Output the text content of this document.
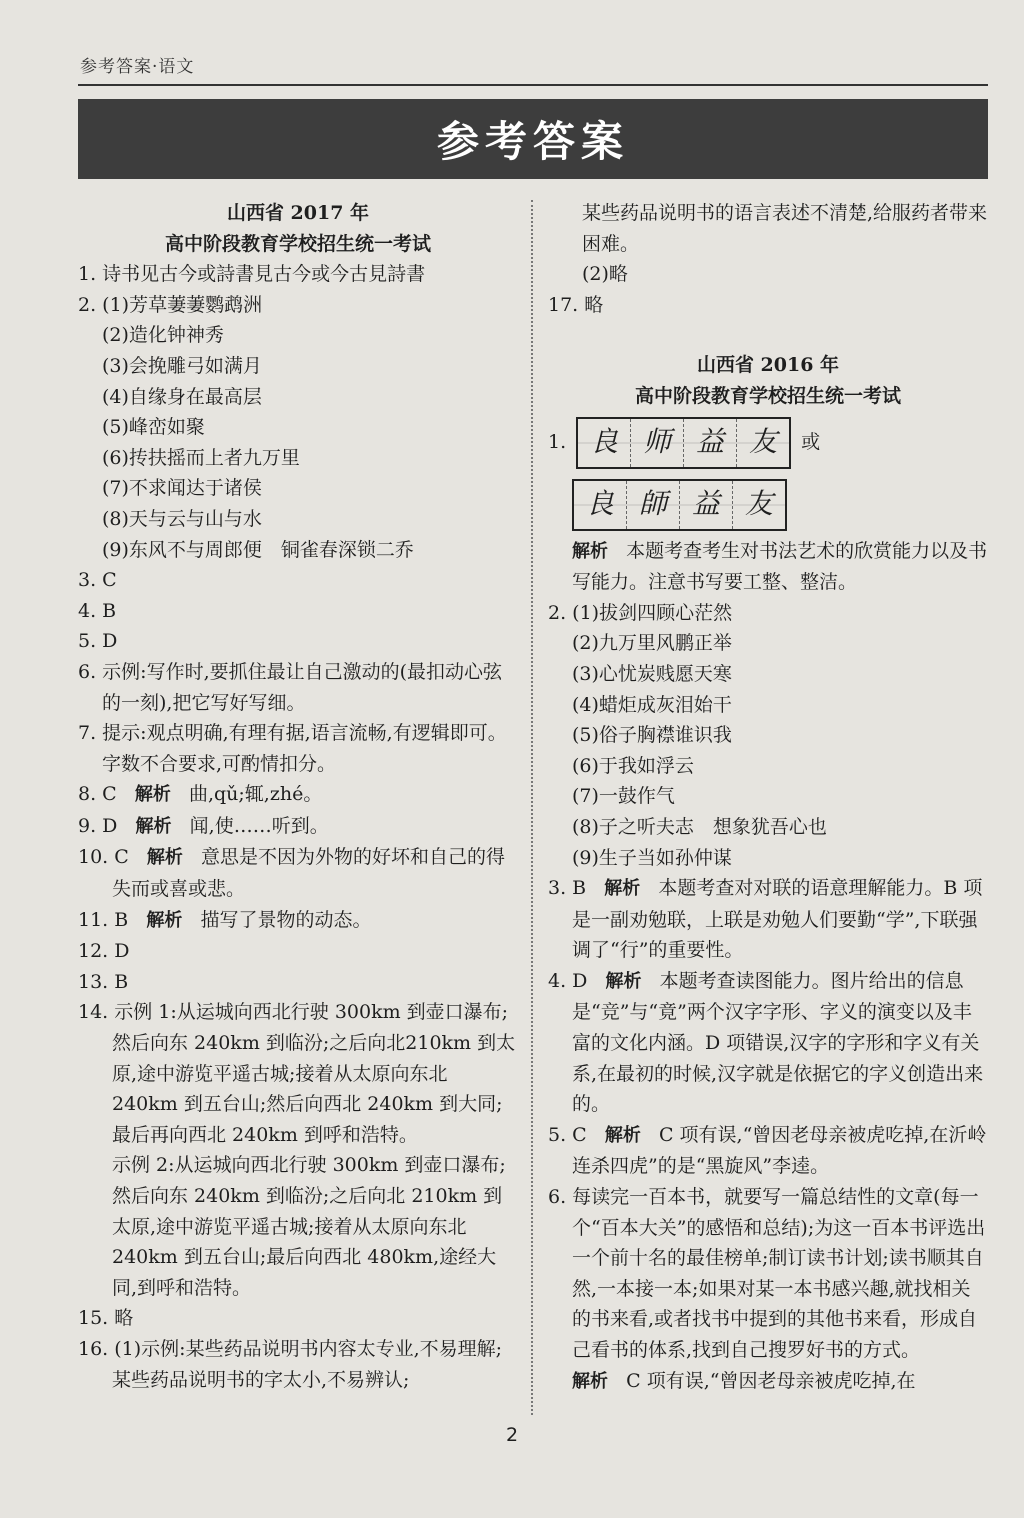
参考答案·语文
参考答案

山西省 2017 年

高中阶段教育学校招生统一考试

1. 诗书见古今或詩書見古今或今古見詩書

2. (1)芳草萋萋鹦鹉洲

(2)造化钟神秀

(3)会挽雕弓如满月

(4)自缘身在最高层

(5)峰峦如聚

(6)抟扶摇而上者九万里

(7)不求闻达于诸侯

(8)天与云与山与水

(9)东风不与周郎便　铜雀春深锁二乔

3. C

4. B

5. D

6. 示例:写作时,要抓住最让自己激动的(最扣动心弦的一刻),把它写好写细。

7. 提示:观点明确,有理有据,语言流畅,有逻辑即可。字数不合要求,可酌情扣分。

8. C 解析 曲,qǔ;辄,zhé。

9. D 解析 闻,使……听到。

10. C 解析 意思是不因为外物的好坏和自己的得失而或喜或悲。

11. B 解析 描写了景物的动态。

12. D

13. B

14. 示例 1:从运城向西北行驶 300km 到壶口瀑布;然后向东 240km 到临汾;之后向北210km 到太原,途中游览平遥古城;接着从太原向东北 240km 到五台山;然后向西北 240km 到大同;最后再向西北 240km 到呼和浩特。

示例 2:从运城向西北行驶 300km 到壶口瀑布;然后向东 240km 到临汾;之后向北 210km 到太原,途中游览平遥古城;接着从太原向东北 240km 到五台山;最后向西北 480km,途经大同,到呼和浩特。

15. 略

16. (1)示例:某些药品说明书内容太专业,不易理解;某些药品说明书的字太小,不易辨认;

某些药品说明书的语言表述不清楚,给服药者带来困难。

(2)略

17. 略

山西省 2016 年

高中阶段教育学校招生统一考试

1. 良 师 益 友	或
良 師 益 友

解析 本题考查考生对书法艺术的欣赏能力以及书写能力。注意书写要工整、整洁。

2. (1)拔剑四顾心茫然

(2)九万里风鹏正举

(3)心忧炭贱愿天寒

(4)蜡炬成灰泪始干

(5)俗子胸襟谁识我

(6)于我如浮云

(7)一鼓作气

(8)子之听夫志　想象犹吾心也

(9)生子当如孙仲谋

3. B 解析 本题考查对对联的语意理解能力。B 项是一副劝勉联，上联是劝勉人们要勤“学”,下联强调了“行”的重要性。

4. D 解析 本题考查读图能力。图片给出的信息是“竞”与“竟”两个汉字字形、字义的演变以及丰富的文化内涵。D 项错误,汉字的字形和字义有关系,在最初的时候,汉字就是依据它的字义创造出来的。

5. C 解析 C 项有误,“曾因老母亲被虎吃掉,在沂岭连杀四虎”的是“黑旋风”李逵。

6. 每读完一百本书，就要写一篇总结性的文章(每一个“百本大关”的感悟和总结);为这一百本书评选出一个前十名的最佳榜单;制订读书计划;读书顺其自然,一本接一本;如果对某一本书感兴趣,就找相关的书来看,或者找书中提到的其他书来看，形成自己看书的体系,找到自己搜罗好书的方式。

解析 C 项有误,“曾因老母亲被虎吃掉,在

2
